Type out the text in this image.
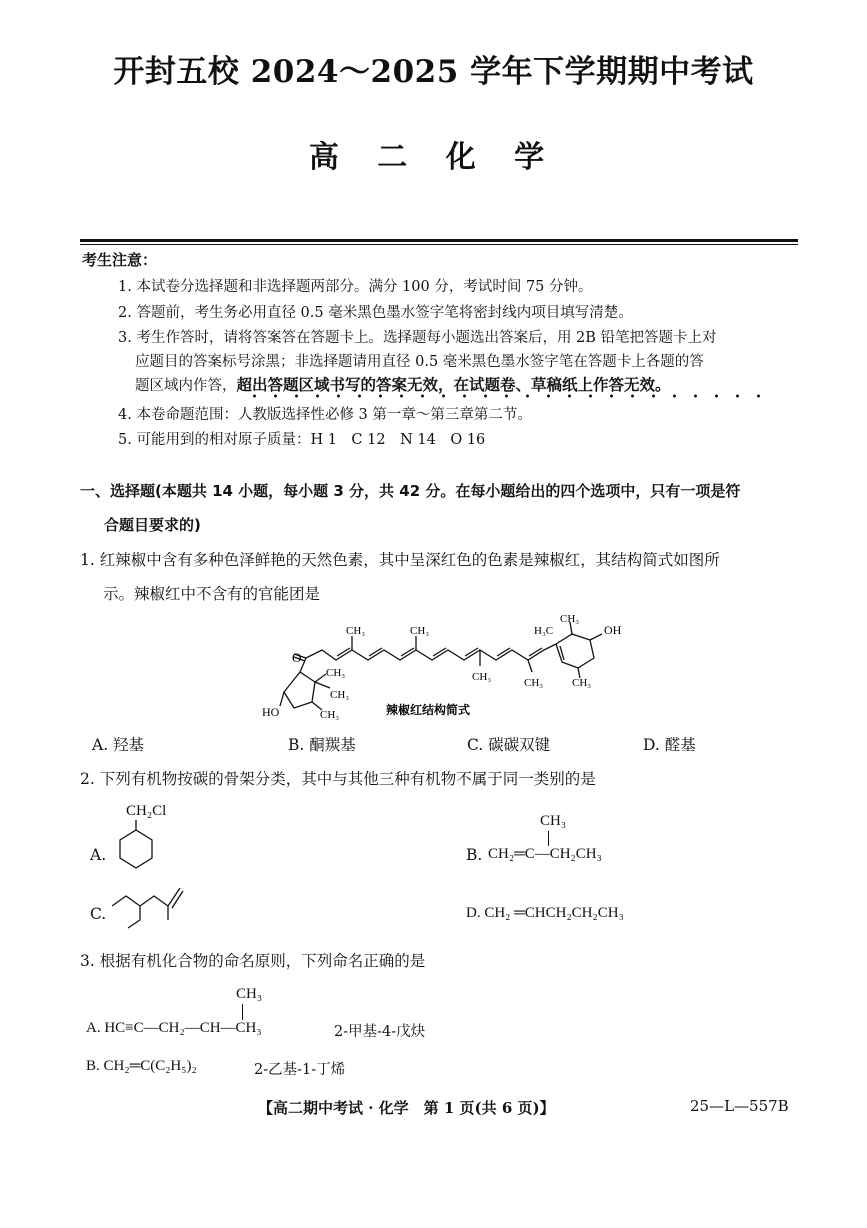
开封五校 2024～2025 学年下学期期中考试
高 二 化 学
考生注意：
1. 本试卷分选择题和非选择题两部分。满分 100 分，考试时间 75 分钟。
2. 答题前，考生务必用直径 0.5 毫米黑色墨水签字笔将密封线内项目填写清楚。
3. 考生作答时，请将答案答在答题卡上。选择题每小题选出答案后，用 2B 铅笔把答题卡上对
应题目的答案标号涂黑；非选择题请用直径 0.5 毫米黑色墨水签字笔在答题卡上各题的答
题区域内作答，超出答题区域书写的答案无效，在试题卷、草稿纸上作答无效。
4. 本卷命题范围：人教版选择性必修 3 第一章～第三章第二节。
5. 可能用到的相对原子质量：H 1　C 12　N 14　O 16
一、选择题(本题共 14 小题，每小题 3 分，共 42 分。在每小题给出的四个选项中，只有一项是符
合题目要求的)
1. 红辣椒中含有多种色泽鲜艳的天然色素，其中呈深红色的色素是辣椒红，其结构简式如图所
示。辣椒红中不含有的官能团是
O
CH₃	CH₃
CH₃	CH₃	CH₃
H₃C
CH₃
OH
CH₃
CH₃
CH₃
HO	辣椒红结构简式
A. 羟基	B. 酮羰基	C. 碳碳双键	D. 醛基
2. 下列有机物按碳的骨架分类，其中与其他三种有机物不属于同一类别的是
A.
CH₂Cl
CH₃
B. CH₂═C—CH₂CH₃
C.	D. CH₂ ═CHCH₂CH₂CH₃
3. 根据有机化合物的命名原则，下列命名正确的是
CH₃
A. HC≡C—CH₂—CH—CH₃	2-甲基-4-戊炔
B. CH₂═C(C₂H₅)₂	2-乙基-1-丁烯
【高二期中考试 · 化学　第 1 页(共 6 页)】	25—L—557B
